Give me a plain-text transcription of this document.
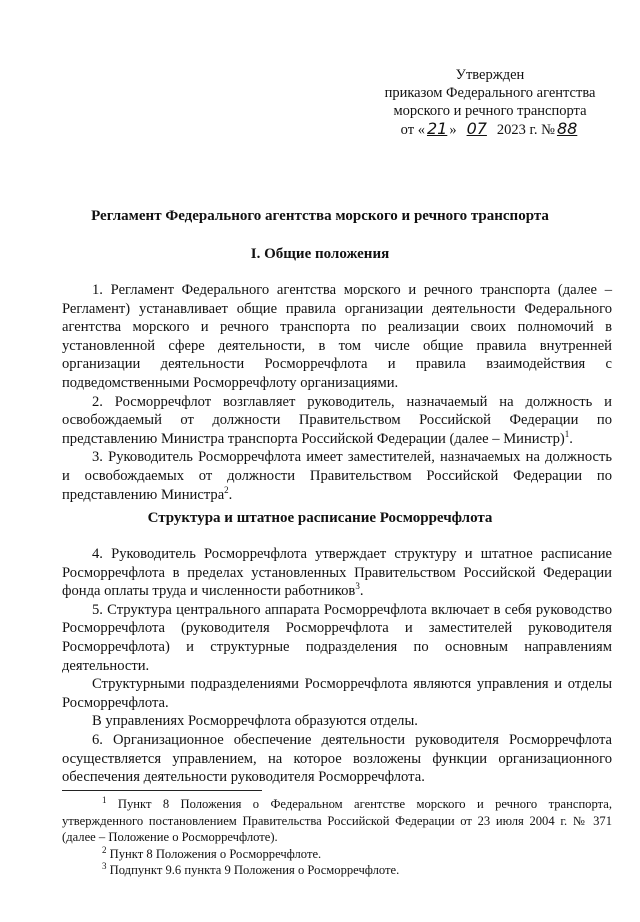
Утвержден
приказом Федерального агентства
морского и речного транспорта
от « 21 » 07 2023 г. № 88
Регламент Федерального агентства морского и речного транспорта
I. Общие положения

1. Регламент Федерального агентства морского и речного транспорта (далее – Регламент) устанавливает общие правила организации деятельности Федерального агентства морского и речного транспорта по реализации своих полномочий в установленной сфере деятельности, в том числе общие правила внутренней организации деятельности Росморречфлота и правила взаимодействия с подведомственными Росморречфлоту организациями.

2. Росморречфлот возглавляет руководитель, назначаемый на должность и освобождаемый от должности Правительством Российской Федерации по представлению Министра транспорта Российской Федерации (далее – Министр)$^1$.

3. Руководитель Росморречфлота имеет заместителей, назначаемых на должность и освобождаемых от должности Правительством Российской Федерации по представлению Министра$^2$.

Структура и штатное расписание Росморречфлота

4. Руководитель Росморречфлота утверждает структуру и штатное расписание Росморречфлота в пределах установленных Правительством Российской Федерации фонда оплаты труда и численности работников$^3$.

5. Структура центрального аппарата Росморречфлота включает в себя руководство Росморречфлота (руководителя Росморречфлота и заместителей руководителя Росморречфлота) и структурные подразделения по основным направлениям деятельности.

Структурными подразделениями Росморречфлота являются управления и отделы Росморречфлота.

В управлениях Росморречфлота образуются отделы.

6. Организационное обеспечение деятельности руководителя Росморречфлота осуществляется управлением, на которое возложены функции организационного обеспечения деятельности руководителя Росморречфлота.

$^1$ Пункт 8 Положения о Федеральном агентстве морского и речного транспорта, утвержденного постановлением Правительства Российской Федерации от 23 июля 2004 г. № 371 (далее – Положение о Росморречфлоте).

$^2$ Пункт 8 Положения о Росморречфлоте.

$^3$ Подпункт 9.6 пункта 9 Положения о Росморречфлоте.
